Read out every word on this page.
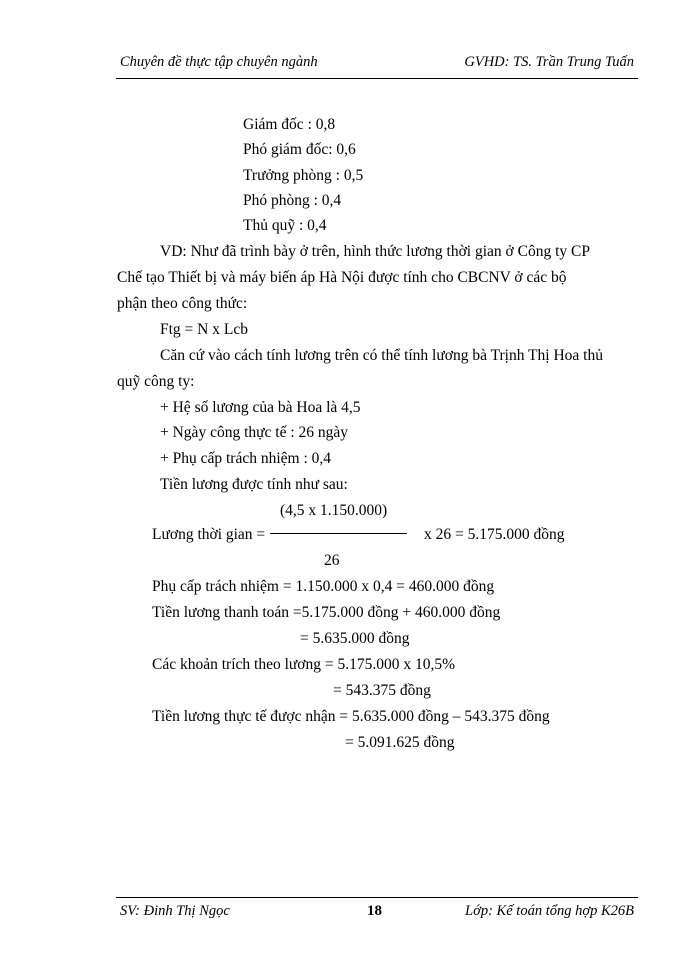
Chuyên đề thực tập chuyên ngành	GVHD: TS. Trần Trung Tuấn
Giám đốc : 0,8
Phó giám đốc: 0,6
Trưởng phòng : 0,5
Phó phòng : 0,4
Thủ quỹ : 0,4
VD: Như đã trình bày ở trên, hình thức lương thời gian ở Công ty CP
Chế tạo Thiết bị và máy biến áp Hà Nội được tính cho CBCNV ở các bộ
phận theo công thức:
Ftg = N x Lcb
Căn cứ vào cách tính lương trên có thể tính lương bà Trịnh Thị Hoa thủ
quỹ công ty:
+ Hệ số lương của bà Hoa là 4,5
+ Ngày công thực tế : 26 ngày
+ Phụ cấp trách nhiệm : 0,4
Tiền lương được tính như sau:
(4,5 x 1.150.000)
Lương thời gian =	x 26 = 5.175.000 đồng
26
Phụ cấp trách nhiệm = 1.150.000 x 0,4 = 460.000 đồng
Tiền lương thanh toán =5.175.000 đồng + 460.000 đồng
= 5.635.000 đồng
Các khoản trích theo lương = 5.175.000 x 10,5%
= 543.375 đồng
Tiền lương thực tế được nhận = 5.635.000 đồng – 543.375 đồng
= 5.091.625 đồng
SV: Đinh Thị Ngọc	18	Lớp: Kế toán tổng hợp K26B
